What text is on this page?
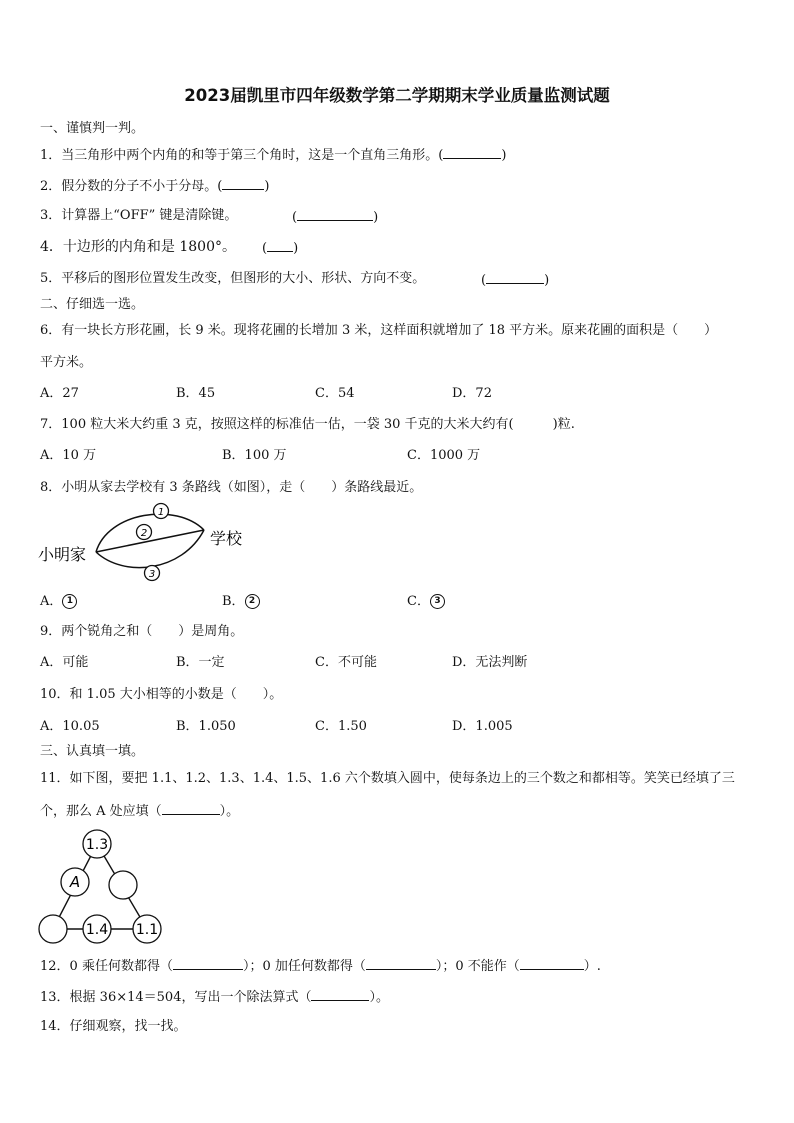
2023届凯里市四年级数学第二学期期末学业质量监测试题
一、谨慎判一判。
1．当三角形中两个内角的和等于第三个角时，这是一个直角三角形。(	)
2．假分数的分子不小于分母。(	)
3．计算器上“OFF” 键是清除键。	(	)
4．十边形的内角和是 1800°。 ( )
5．平移后的图形位置发生改变，但图形的大小、形状、方向不变。	(	)
二、仔细选一选。
6．有一块长方形花圃，长 9 米。现将花圃的长增加 3 米，这样面积就增加了 18 平方米。原来花圃的面积是（　　）
平方米。
A．27	B．45	C．54	D．72
7．100 粒大米大约重 3 克，按照这样的标准估一估，一袋 30 千克的大米大约有(　　　)粒.
A．10 万	B．100 万	C．1000 万
8．小明从家去学校有 3 条路线（如图），走（　　）条路线最近。
1
2
3
小明家
学校
A． 1	B． 2	C． 3
9．两个锐角之和（　　）是周角。
A．可能	B．一定	C．不可能	D．无法判断
10．和 1.05 大小相等的小数是（　　）。
A．10.05	B．1.050	C．1.50	D．1.005
三、认真填一填。
11．如下图，要把 1.1、1.2、1.3、1.4、1.5、1.6 六个数填入圆中，使每条边上的三个数之和都相等。笑笑已经填了三
个，那么 A 处应填（	）。
1.3
A
1.4 1.1
12．0 乘任何数都得（	）；0 加任何数都得（	）；0 不能作（	）.
13．根据 36×14＝504，写出一个除法算式（	）。
14．仔细观察，找一找。
